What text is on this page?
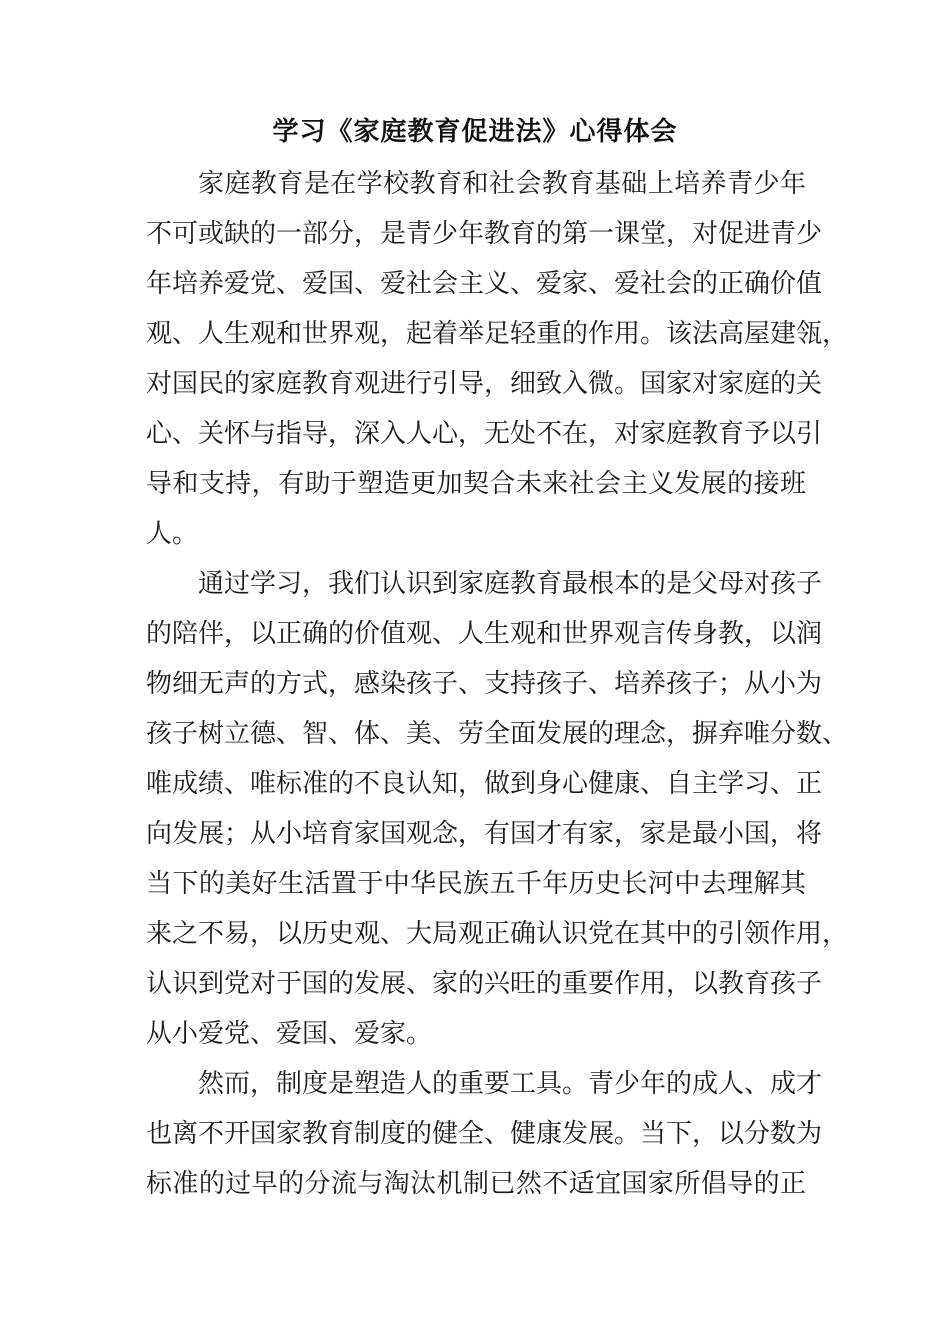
学习《家庭教育促进法》心得体会
家庭教育是在学校教育和社会教育基础上培养青少年
不可或缺的一部分，是青少年教育的第一课堂，对促进青少
年培养爱党、爱国、爱社会主义、爱家、爱社会的正确价值
观、人生观和世界观，起着举足轻重的作用。该法高屋建瓴，
对国民的家庭教育观进行引导，细致入微。国家对家庭的关
心、关怀与指导，深入人心，无处不在，对家庭教育予以引
导和支持，有助于塑造更加契合未来社会主义发展的接班
人。
通过学习，我们认识到家庭教育最根本的是父母对孩子
的陪伴，以正确的价值观、人生观和世界观言传身教，以润
物细无声的方式，感染孩子、支持孩子、培养孩子；从小为
孩子树立德、智、体、美、劳全面发展的理念，摒弃唯分数、
唯成绩、唯标准的不良认知，做到身心健康、自主学习、正
向发展；从小培育家国观念，有国才有家，家是最小国，将
当下的美好生活置于中华民族五千年历史长河中去理解其
来之不易，以历史观、大局观正确认识党在其中的引领作用，
认识到党对于国的发展、家的兴旺的重要作用，以教育孩子
从小爱党、爱国、爱家。
然而，制度是塑造人的重要工具。青少年的成人、成才
也离不开国家教育制度的健全、健康发展。当下，以分数为
标准的过早的分流与淘汰机制已然不适宜国家所倡导的正
